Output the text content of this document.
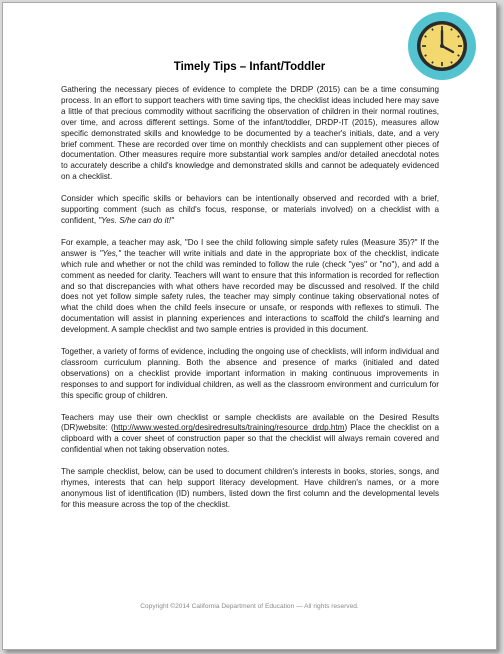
Timely Tips – Infant/Toddler

Gathering the necessary pieces of evidence to complete the DRDP (2015) can be a time consuming process. In an effort to support teachers with time saving tips, the checklist ideas included here may save a little of that precious commodity without sacrificing the observation of children in their normal routines, over time, and across different settings. Some of the infant/toddler, DRDP-IT (2015), measures allow specific demonstrated skills and knowledge to be documented by a teacher's initials, date, and a very brief comment. These are recorded over time on monthly checklists and can supplement other pieces of documentation. Other measures require more substantial work samples and/or detailed anecdotal notes to accurately describe a child's knowledge and demonstrated skills and cannot be adequately evidenced on a checklist.

Consider which specific skills or behaviors can be intentionally observed and recorded with a brief, supporting comment (such as child's focus, response, or materials involved) on a checklist with a confident, "Yes. S/he can do it!"

For example, a teacher may ask, "Do I see the child following simple safety rules (Measure 35)?" If the answer is "Yes," the teacher will write initials and date in the appropriate box of the checklist, indicate which rule and whether or not the child was reminded to follow the rule (check "yes" or "no"), and add a comment as needed for clarity. Teachers will want to ensure that this information is recorded for reflection and so that discrepancies with what others have recorded may be discussed and resolved. If the child does not yet follow simple safety rules, the teacher may simply continue taking observational notes of what the child does when the child feels insecure or unsafe, or responds with reflexes to stimuli. The documentation will assist in planning experiences and interactions to scaffold the child's learning and development. A sample checklist and two sample entries is provided in this document.

Together, a variety of forms of evidence, including the ongoing use of checklists, will inform individual and classroom curriculum planning. Both the absence and presence of marks (initialed and dated observations) on a checklist provide important information in making continuous improvements in responses to and support for individual children, as well as the classroom environment and curriculum for this specific group of children.

Teachers may use their own checklist or sample checklists are available on the Desired Results (DR)website: (http://www.wested.org/desiredresults/training/resource_drdp.htm) Place the checklist on a clipboard with a cover sheet of construction paper so that the checklist will always remain covered and confidential when not taking observation notes.

The sample checklist, below, can be used to document children's interests in books, stories, songs, and rhymes, interests that can help support literacy development. Have children's names, or a more anonymous list of identification (ID) numbers, listed down the first column and the developmental levels for this measure across the top of the checklist.

Copyright ©2014 California Department of Education — All rights reserved.
